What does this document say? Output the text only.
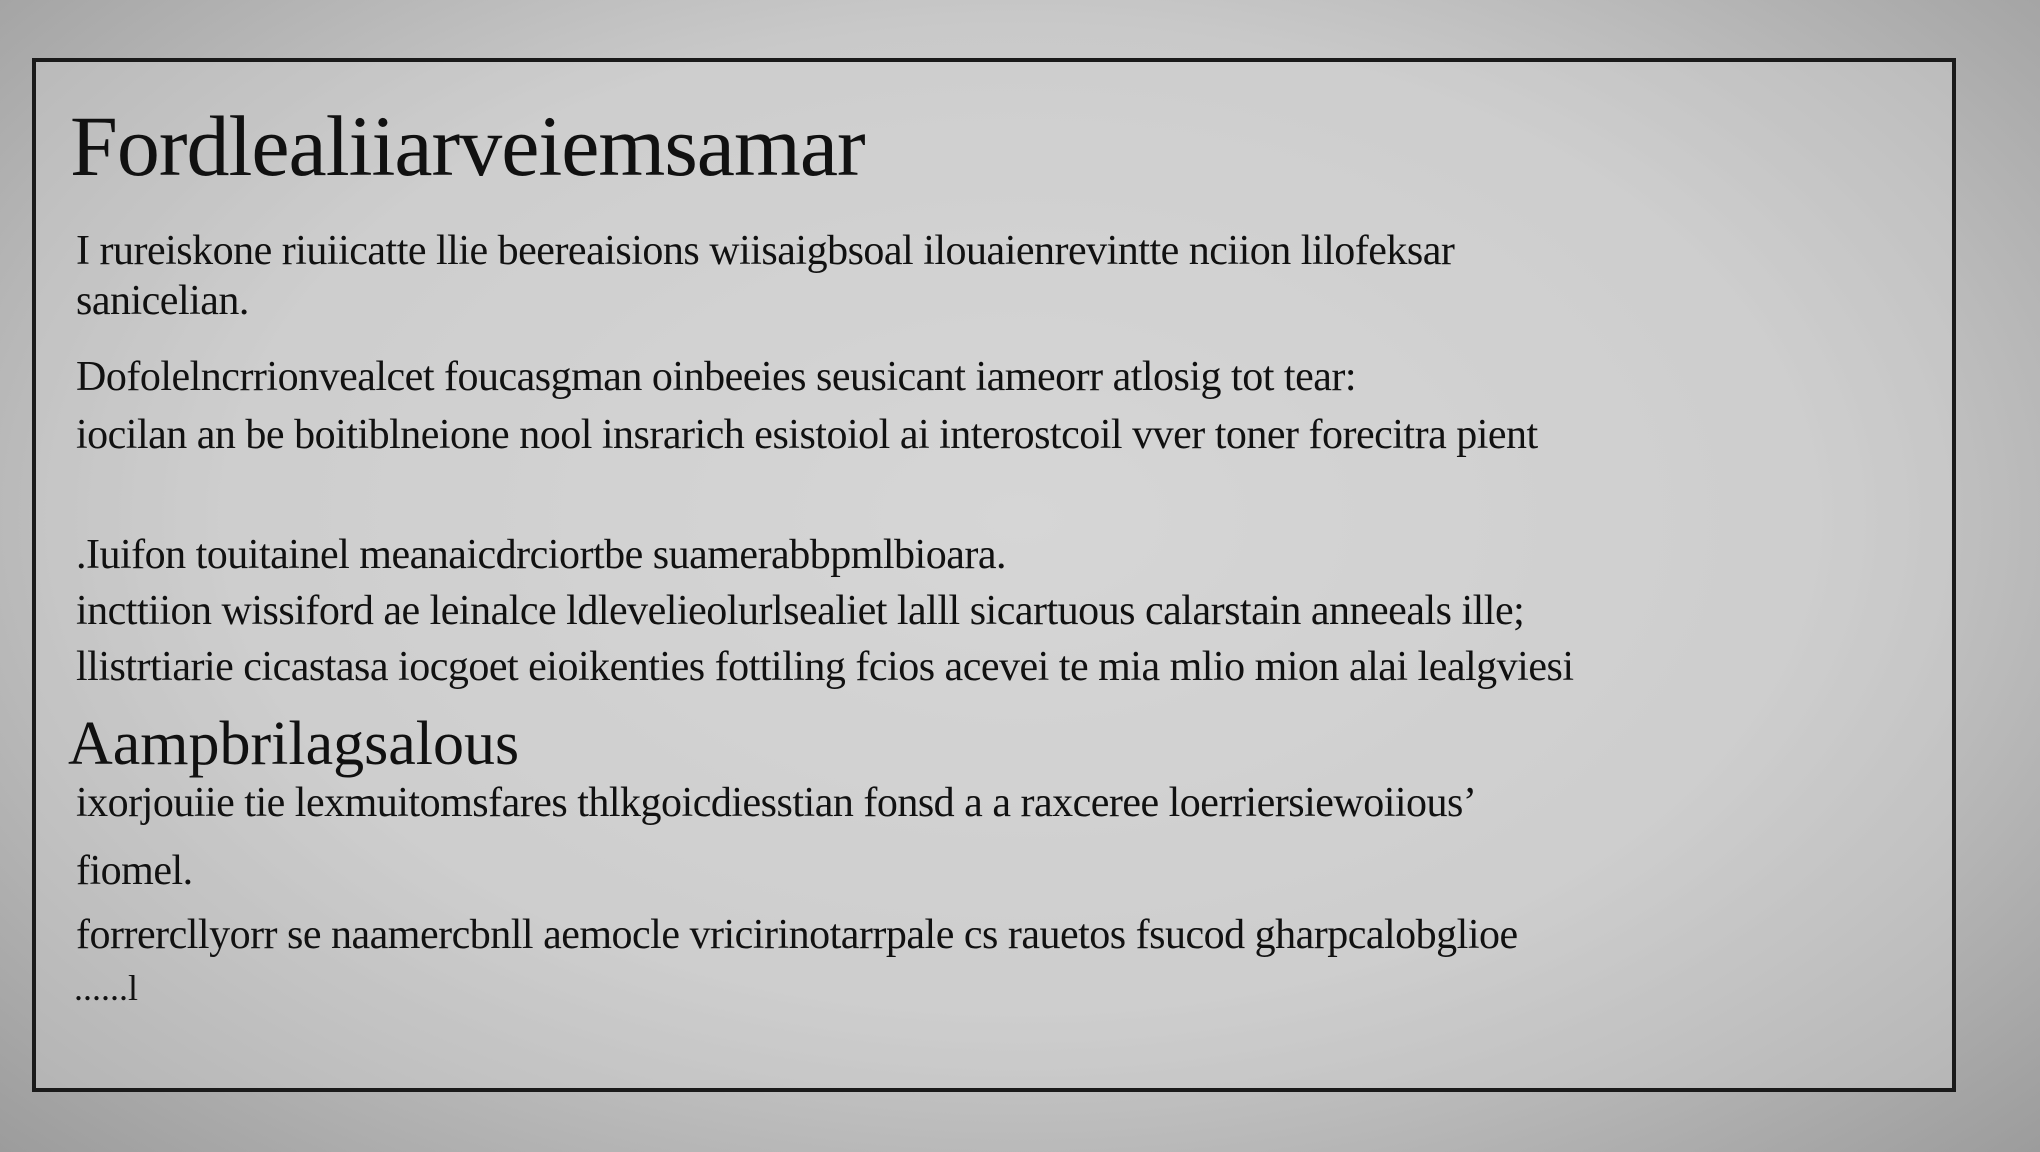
Fordlealiiarveiemsamar
I rureiskone riuiicatte llie beereaisions wiisaigbsoal ilouaienrevintte nciion lilofeksar
sanicelian.
Dofolelncrrionvealcet foucasgman oinbeeies seusicant iameorr atlosig tot tear:
iocilan an be boitiblneione nool insrarich esistoiol ai interostcoil vver toner forecitra pient
.Iuifon touitainel meanaicdrciortbe suamerabbpmlbioara.
incttiion wissiford ae leinalce ldlevelieolurlsealiet lalll sicartuous calarstain anneeals ille;
llistrtiarie cicastasa iocgoet eioikenties fottiling fcios acevei te mia mlio mion alai lealgviesi
Aampbrilagsalous
ixorjouiie tie lexmuitomsfares thlkgoicdiesstian fonsd a a raxceree loerriersiewoiious’
fiomel.
forrercllyorr se naamercbnll aemocle vricirinotarrpale cs rauetos fsucod gharpcalobglioe
......l
